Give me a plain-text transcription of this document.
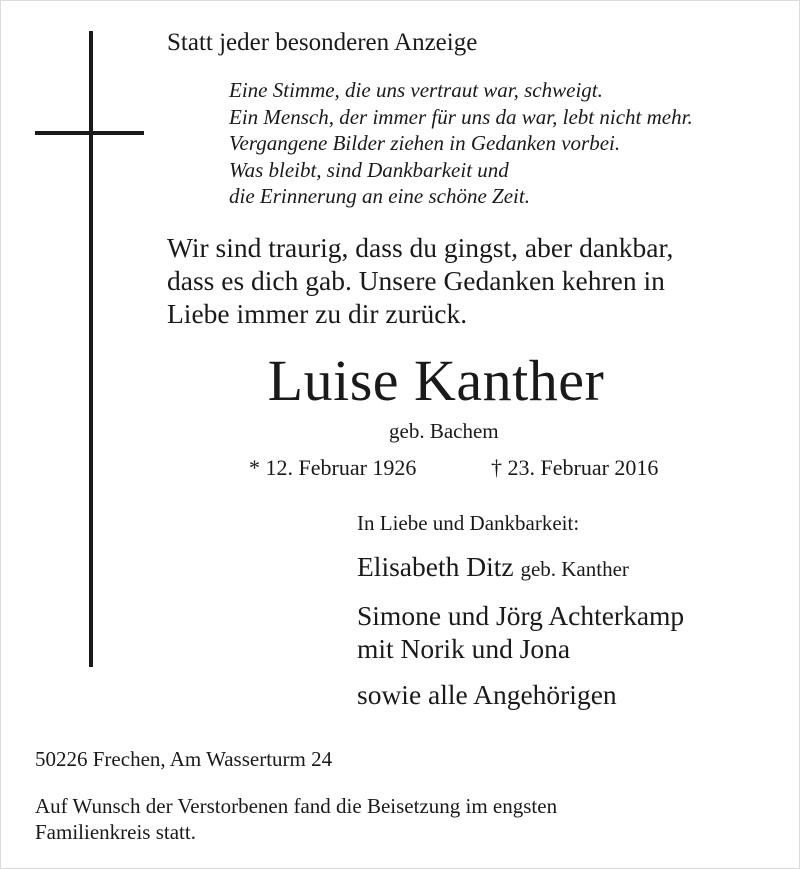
Statt jeder besonderen Anzeige
Eine Stimme, die uns vertraut war, schweigt.
Ein Mensch, der immer für uns da war, lebt nicht mehr.
Vergangene Bilder ziehen in Gedanken vorbei.
Was bleibt, sind Dankbarkeit und
die Erinnerung an eine schöne Zeit.
Wir sind traurig, dass du gingst, aber dankbar,
dass es dich gab. Unsere Gedanken kehren in
Liebe immer zu dir zurück.
Luise Kanther
geb. Bachem
* 12. Februar 1926	† 23. Februar 2016
In Liebe und Dankbarkeit:
Elisabeth Ditz geb. Kanther
Simone und Jörg Achterkamp
mit Norik und Jona
sowie alle Angehörigen
50226 Frechen, Am Wasserturm 24
Auf Wunsch der Verstorbenen fand die Beisetzung im engsten
Familienkreis statt.
